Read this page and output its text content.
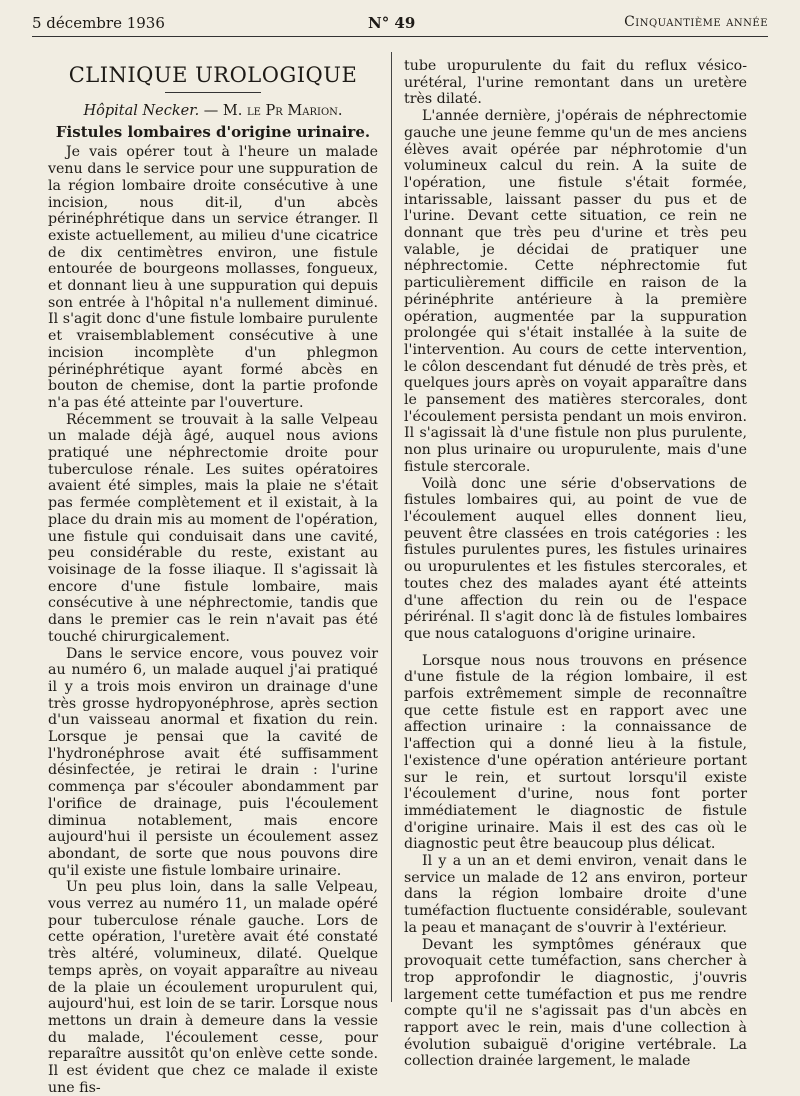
5 décembre 1936	N° 49	Cinquantième année
CLINIQUE UROLOGIQUE
Hôpital Necker. — M. le Pr Marion.
Fistules lombaires d'origine urinaire.

Je vais opérer tout à l'heure un malade venu dans le service pour une suppuration de la région lombaire droite consécutive à une incision, nous dit-il, d'un abcès périnéphrétique dans un service étranger. Il existe actuellement, au milieu d'une cicatrice de dix centimètres environ, une fistule entourée de bourgeons mollasses, fongueux, et donnant lieu à une suppuration qui depuis son entrée à l'hôpital n'a nullement diminué. Il s'agit donc d'une fistule lombaire purulente et vraisemblablement consécutive à une incision incomplète d'un phlegmon périnéphrétique ayant formé abcès en bouton de chemise, dont la partie profonde n'a pas été atteinte par l'ouverture.

Récemment se trouvait à la salle Velpeau un malade déjà âgé, auquel nous avions pratiqué une néphrectomie droite pour tuberculose rénale. Les suites opératoires avaient été simples, mais la plaie ne s'était pas fermée complètement et il existait, à la place du drain mis au moment de l'opération, une fistule qui conduisait dans une cavité, peu considérable du reste, existant au voisinage de la fosse iliaque. Il s'agissait là encore d'une fistule lombaire, mais consécutive à une néphrectomie, tandis que dans le premier cas le rein n'avait pas été touché chirurgicalement.

Dans le service encore, vous pouvez voir au numéro 6, un malade auquel j'ai pratiqué il y a trois mois environ un drainage d'une très grosse hydropyonéphrose, après section d'un vaisseau anormal et fixation du rein. Lorsque je pensai que la cavité de l'hydronéphrose avait été suffisamment désinfectée, je retirai le drain : l'urine commença par s'écouler abondamment par l'orifice de drainage, puis l'écoulement diminua notablement, mais encore aujourd'hui il persiste un écoulement assez abondant, de sorte que nous pouvons dire qu'il existe une fistule lombaire urinaire.

Un peu plus loin, dans la salle Velpeau, vous verrez au numéro 11, un malade opéré pour tuberculose rénale gauche. Lors de cette opération, l'uretère avait été constaté très altéré, volumineux, dilaté. Quelque temps après, on voyait apparaître au niveau de la plaie un écoulement uropurulent qui, aujourd'hui, est loin de se tarir. Lorsque nous mettons un drain à demeure dans la vessie du malade, l'écoulement cesse, pour reparaître aussitôt qu'on enlève cette sonde. Il est évident que chez ce malade il existe une fis-

tube uropurulente du fait du reflux vésico-urétéral, l'urine remontant dans un uretère très dilaté.

L'année dernière, j'opérais de néphrectomie gauche une jeune femme qu'un de mes anciens élèves avait opérée par néphrotomie d'un volumineux calcul du rein. A la suite de l'opération, une fistule s'était formée, intarissable, laissant passer du pus et de l'urine. Devant cette situation, ce rein ne donnant que très peu d'urine et très peu valable, je décidai de pratiquer une néphrectomie. Cette néphrectomie fut particulièrement difficile en raison de la périnéphrite antérieure à la première opération, augmentée par la suppuration prolongée qui s'était installée à la suite de l'intervention. Au cours de cette intervention, le côlon descendant fut dénudé de très près, et quelques jours après on voyait apparaître dans le pansement des matières stercorales, dont l'écoulement persista pendant un mois environ. Il s'agissait là d'une fistule non plus purulente, non plus urinaire ou uropurulente, mais d'une fistule stercorale.

Voilà donc une série d'observations de fistules lombaires qui, au point de vue de l'écoulement auquel elles donnent lieu, peuvent être classées en trois catégories : les fistules purulentes pures, les fistules urinaires ou uropurulentes et les fistules stercorales, et toutes chez des malades ayant été atteints d'une affection du rein ou de l'espace périrénal. Il s'agit donc là de fistules lombaires que nous cataloguons d'origine urinaire.

Lorsque nous nous trouvons en présence d'une fistule de la région lombaire, il est parfois extrêmement simple de reconnaître que cette fistule est en rapport avec une affection urinaire : la connaissance de l'affection qui a donné lieu à la fistule, l'existence d'une opération antérieure portant sur le rein, et surtout lorsqu'il existe l'écoulement d'urine, nous font porter immédiatement le diagnostic de fistule d'origine urinaire. Mais il est des cas où le diagnostic peut être beaucoup plus délicat.

Il y a un an et demi environ, venait dans le service un malade de 12 ans environ, porteur dans la région lombaire droite d'une tuméfaction fluctuente considérable, soulevant la peau et manaçant de s'ouvrir à l'extérieur.

Devant les symptômes généraux que provoquait cette tuméfaction, sans chercher à trop approfondir le diagnostic, j'ouvris largement cette tuméfaction et pus me rendre compte qu'il ne s'agissait pas d'un abcès en rapport avec le rein, mais d'une collection à évolution subaiguë d'origine vertébrale. La collection drainée largement, le malade
